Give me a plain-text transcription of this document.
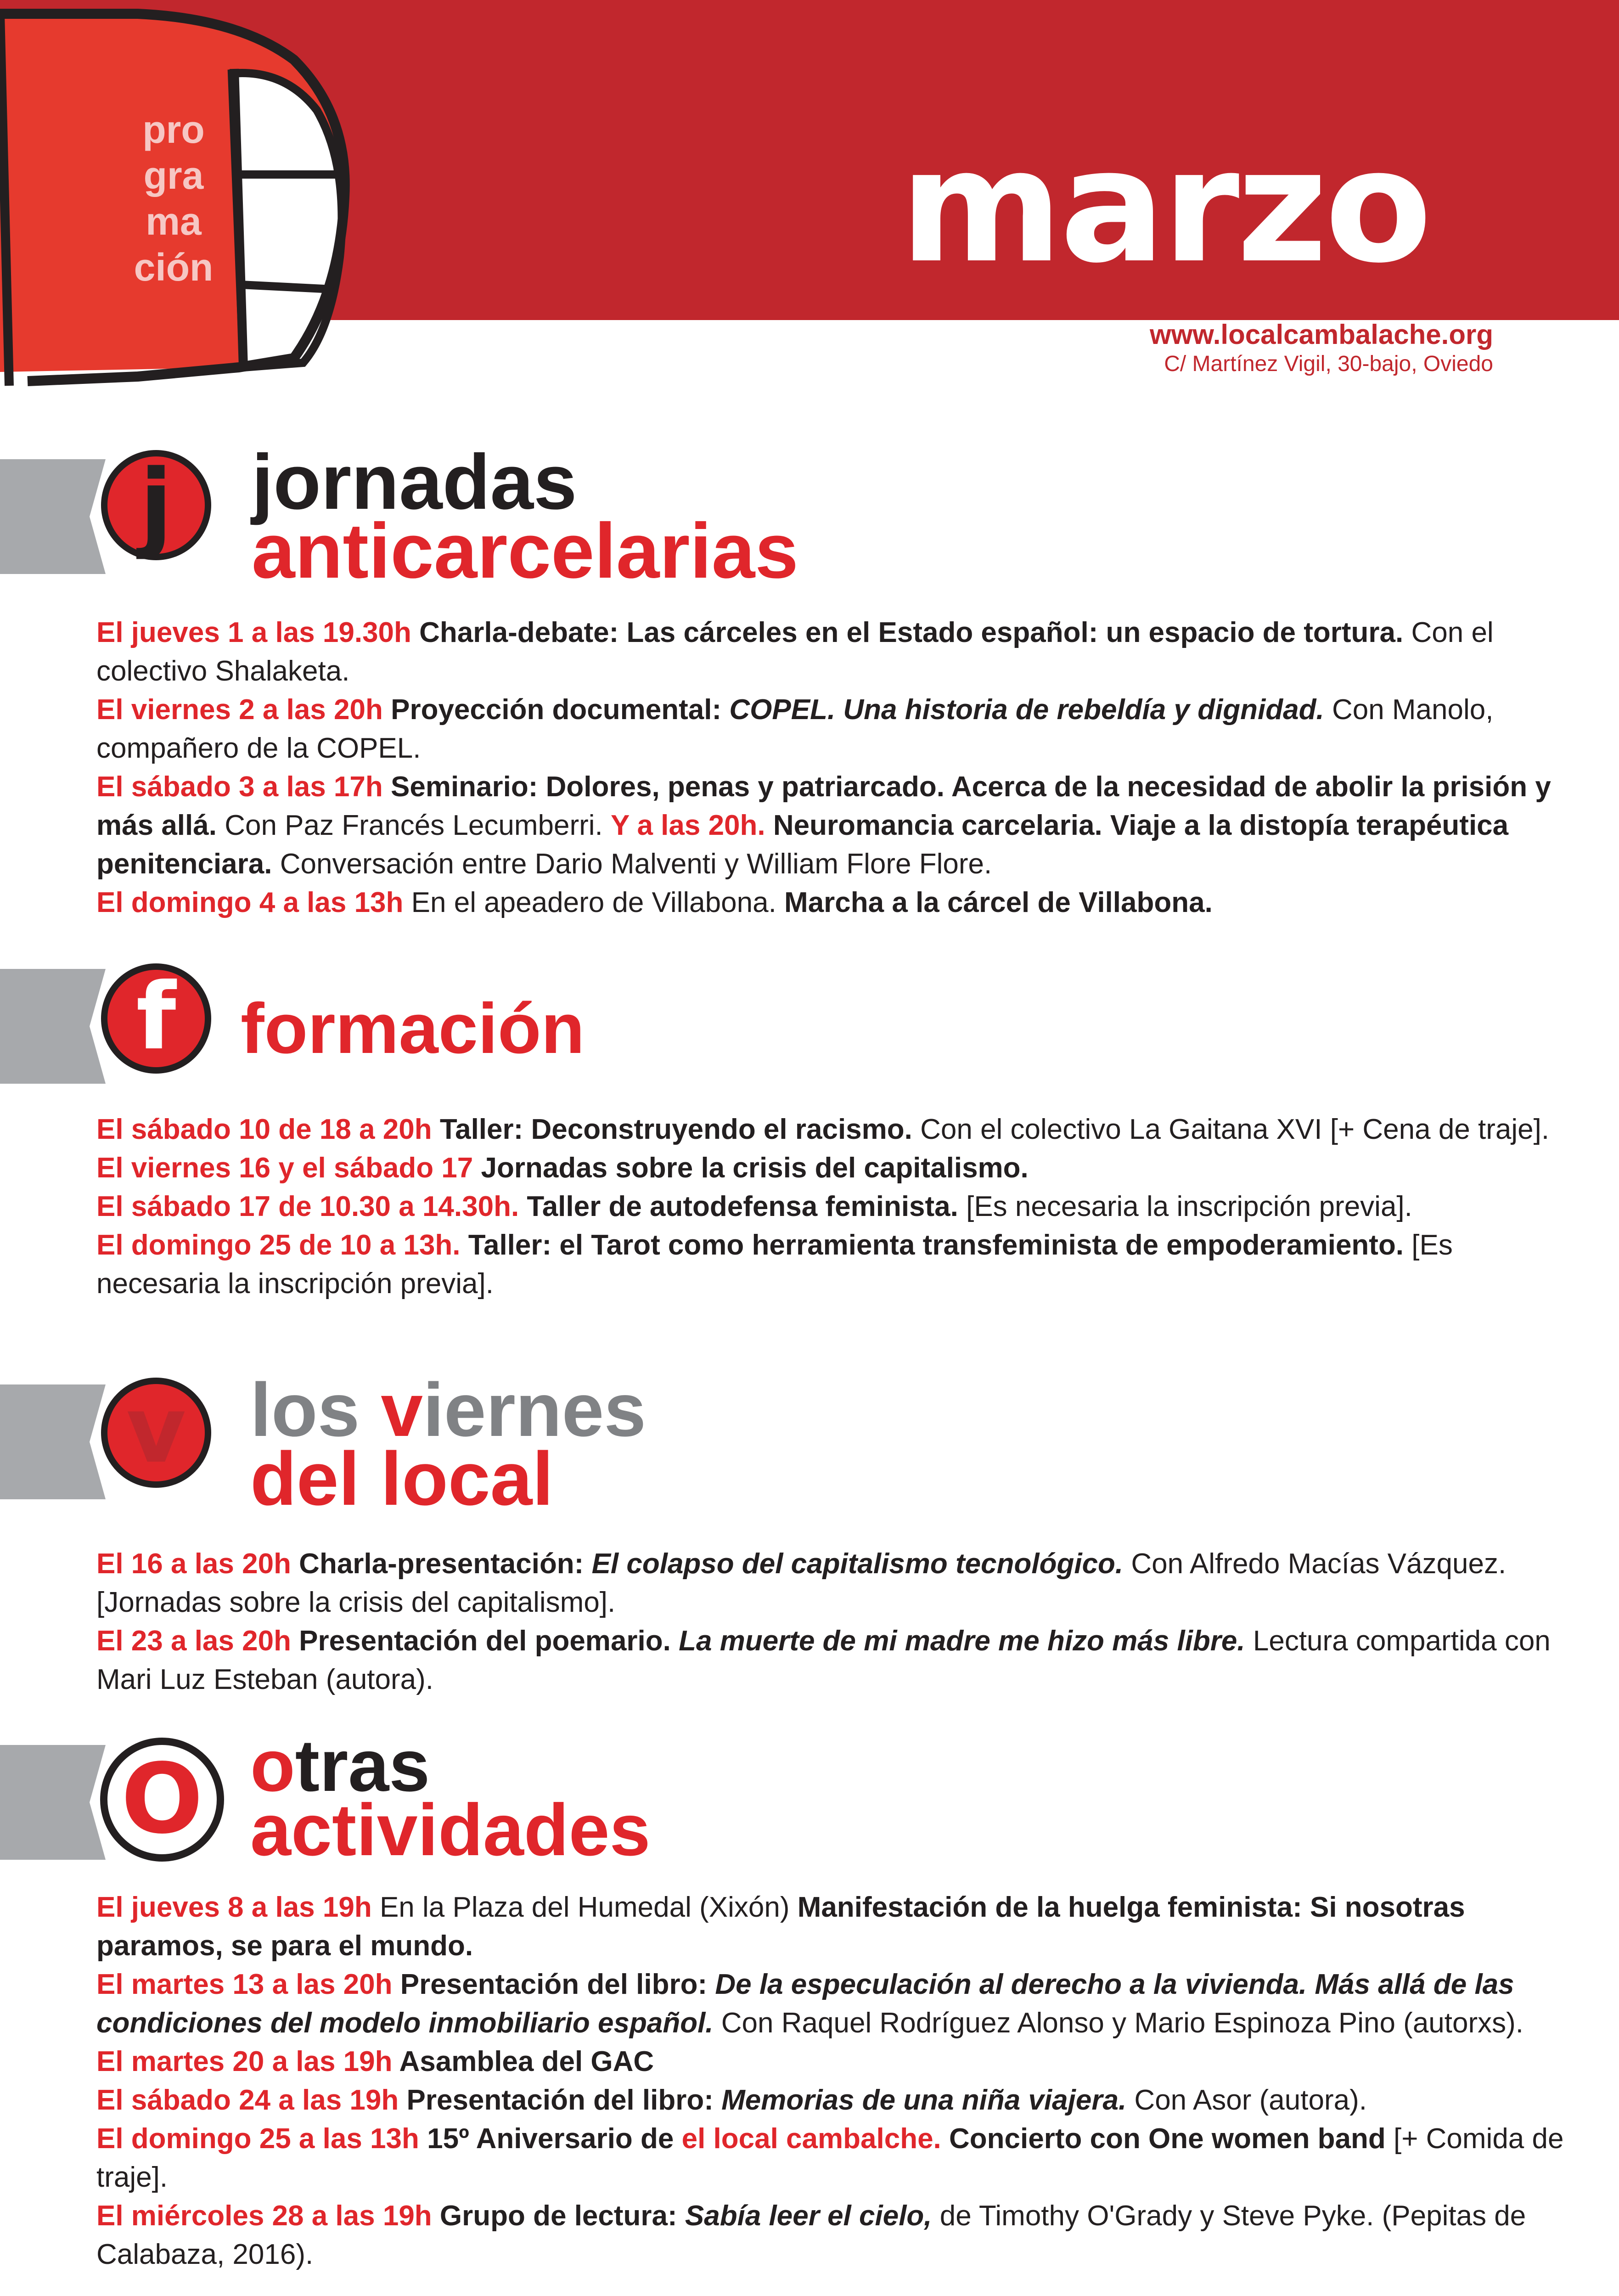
pro
gra
ma
ción	marzo
www.localcambalache.org
C/ Martínez Vigil, 30-bajo, Oviedo
j	jornadas
anticarcelarias
El jueves 1 a las 19.30h Charla-debate: Las cárceles en el Estado español: un espacio de tortura. Con el colectivo Shalaketa.
El viernes 2 a las 20h Proyección documental: COPEL. Una historia de rebeldía y dignidad. Con Manolo, compañero de la COPEL.
El sábado 3 a las 17h Seminario: Dolores, penas y patriarcado. Acerca de la necesidad de abolir la prisión y más allá. Con Paz Francés Lecumberri. Y a las 20h. Neuromancia carcelaria. Viaje a la distopía terapéutica penitenciara. Conversación entre Dario Malventi y William Flore Flore.
El domingo 4 a las 13h En el apeadero de Villabona. Marcha a la cárcel de Villabona.
f formación
El sábado 10 de 18 a 20h Taller: Deconstruyendo el racismo. Con el colectivo La Gaitana XVI [+ Cena de traje].
El viernes 16 y el sábado 17 Jornadas sobre la crisis del capitalismo.
El sábado 17 de 10.30 a 14.30h. Taller de autodefensa feminista. [Es necesaria la inscripción previa].
El domingo 25 de 10 a 13h. Taller: el Tarot como herramienta transfeminista de empoderamiento. [Es necesaria la inscripción previa].
v los viernes
del local
El 16 a las 20h Charla-presentación: El colapso del capitalismo tecnológico. Con Alfredo Macías Vázquez. [Jornadas sobre la crisis del capitalismo].
El 23 a las 20h Presentación del poemario. La muerte de mi madre me hizo más libre. Lectura compartida con Mari Luz Esteban (autora).
O otras
actividades
El jueves 8 a las 19h En la Plaza del Humedal (Xixón) Manifestación de la huelga feminista: Si nosotras paramos, se para el mundo.
El martes 13 a las 20h Presentación del libro: De la especulación al derecho a la vivienda. Más allá de las condiciones del modelo inmobiliario español. Con Raquel Rodríguez Alonso y Mario Espinoza Pino (autorxs).
El martes 20 a las 19h Asamblea del GAC
El sábado 24 a las 19h Presentación del libro: Memorias de una niña viajera. Con Asor (autora).
El domingo 25 a las 13h 15º Aniversario de el local cambalche. Concierto con One women band [+ Comida de traje].
El miércoles 28 a las 19h Grupo de lectura: Sabía leer el cielo, de Timothy O'Grady y Steve Pyke. (Pepitas de Calabaza, 2016).
